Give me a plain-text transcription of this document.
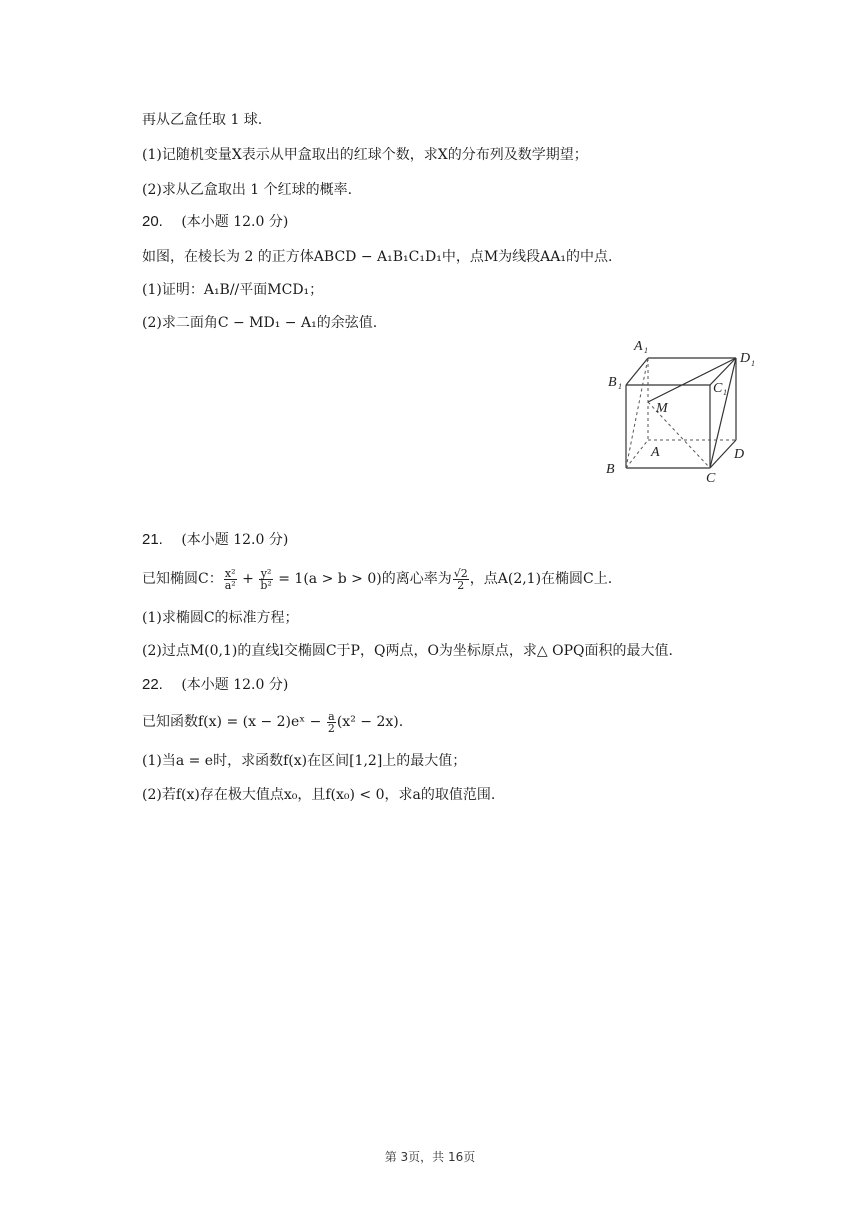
再从乙盒任取 1 球.
(1)记随机变量X表示从甲盒取出的红球个数，求X的分布列及数学期望；
(2)求从乙盒取出 1 个红球的概率.
20. (本小题 12.0 分)
如图，在棱长为 2 的正方体ABCD − A₁B₁C₁D₁中，点M为线段AA₁的中点.
(1)证明：A₁B//平面MCD₁；
(2)求二面角C − MD₁ − A₁的余弦值.
A 1
D 1
B 1	C 1
M
A	D
B
C
21. (本小题 12.0 分)
已知椭圆C： $\frac{\text{x²}}{\text{a²}} + \frac{\text{y²}}{\text{b²}} = 1(a > b > 0)$的离心率为 $\frac{√2}{2}$ ，点A(2,1)在椭圆C上.
(1)求椭圆C的标准方程；
(2)过点M(0,1)的直线l交椭圆C于P，Q两点，O为坐标原点，求△ OPQ面积的最大值.
22. (本小题 12.0 分)
已知函数f(x) = (x − 2)eˣ − $\frac{a}{2} (x^2 - 2x)$.
(1)当a = e时，求函数f(x)在区间[1,2]上的最大值；
(2)若f(x)存在极大值点x₀，且f(x₀) < 0，求a的取值范围.
第 3页，共 16页
